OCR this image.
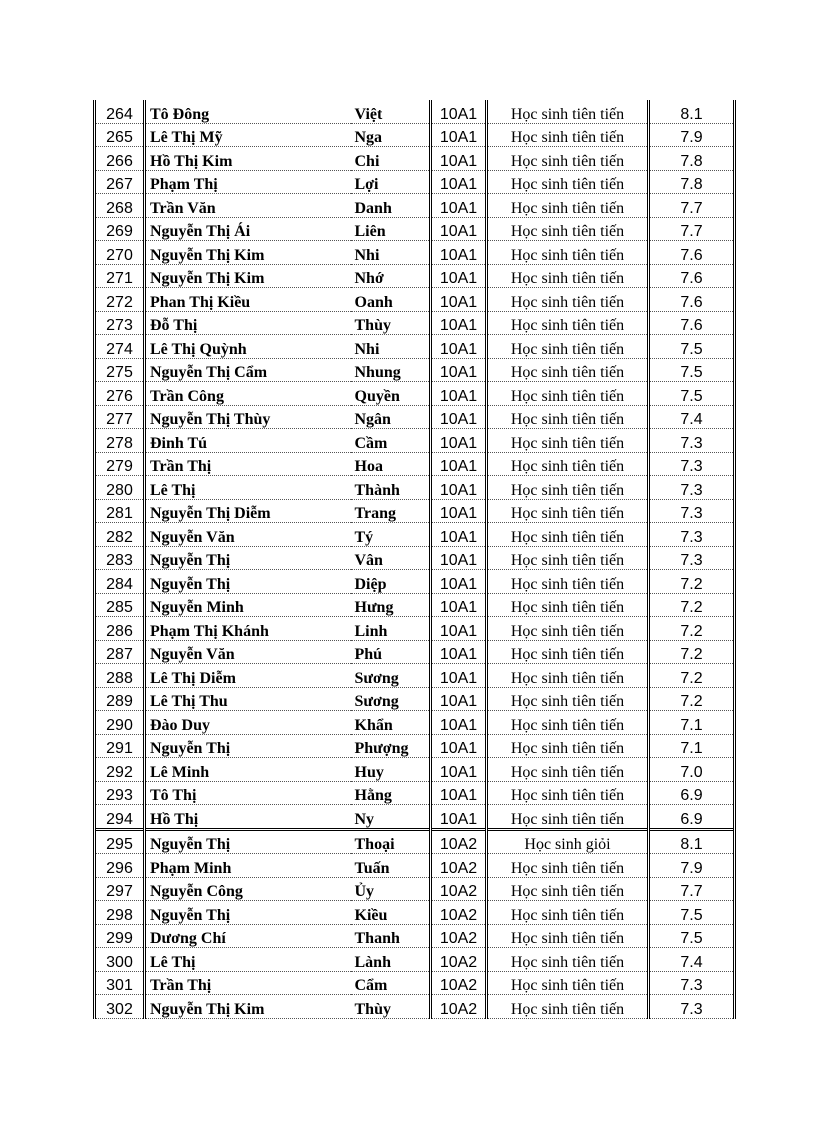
264	Tô Đông	Việt	10A1	Học sinh tiên tiến	8.1
265	Lê Thị Mỹ	Nga	10A1	Học sinh tiên tiến	7.9
266	Hồ Thị Kim	Chi	10A1	Học sinh tiên tiến	7.8
267	Phạm Thị	Lợi	10A1	Học sinh tiên tiến	7.8
268	Trần Văn	Danh	10A1	Học sinh tiên tiến	7.7
269	Nguyễn Thị Ái	Liên	10A1	Học sinh tiên tiến	7.7
270	Nguyễn Thị Kim	Nhi	10A1	Học sinh tiên tiến	7.6
271	Nguyễn Thị Kim	Nhớ	10A1	Học sinh tiên tiến	7.6
272	Phan Thị Kiều	Oanh	10A1	Học sinh tiên tiến	7.6
273	Đỗ Thị	Thùy	10A1	Học sinh tiên tiến	7.6
274	Lê Thị Quỳnh	Nhi	10A1	Học sinh tiên tiến	7.5
275	Nguyễn Thị Cẩm	Nhung	10A1	Học sinh tiên tiến	7.5
276	Trần Công	Quyền	10A1	Học sinh tiên tiến	7.5
277	Nguyễn Thị Thùy	Ngân	10A1	Học sinh tiên tiến	7.4
278	Đinh Tú	Cầm	10A1	Học sinh tiên tiến	7.3
279	Trần Thị	Hoa	10A1	Học sinh tiên tiến	7.3
280	Lê Thị	Thành	10A1	Học sinh tiên tiến	7.3
281	Nguyễn Thị Diễm	Trang	10A1	Học sinh tiên tiến	7.3
282	Nguyễn Văn	Tý	10A1	Học sinh tiên tiến	7.3
283	Nguyễn Thị	Vân	10A1	Học sinh tiên tiến	7.3
284	Nguyễn Thị	Diệp	10A1	Học sinh tiên tiến	7.2
285	Nguyễn Minh	Hưng	10A1	Học sinh tiên tiến	7.2
286	Phạm Thị Khánh	Linh	10A1	Học sinh tiên tiến	7.2
287	Nguyễn Văn	Phú	10A1	Học sinh tiên tiến	7.2
288	Lê Thị Diễm	Sương	10A1	Học sinh tiên tiến	7.2
289	Lê Thị Thu	Sương	10A1	Học sinh tiên tiến	7.2
290	Đào Duy	Khẩn	10A1	Học sinh tiên tiến	7.1
291	Nguyễn Thị	Phượng	10A1	Học sinh tiên tiến	7.1
292	Lê Minh	Huy	10A1	Học sinh tiên tiến	7.0
293	Tô Thị	Hằng	10A1	Học sinh tiên tiến	6.9
294	Hồ Thị	Ny	10A1	Học sinh tiên tiến	6.9
295	Nguyễn Thị	Thoại	10A2	Học sinh giỏi	8.1
296	Phạm Minh	Tuấn	10A2	Học sinh tiên tiến	7.9
297	Nguyễn Công	Ủy	10A2	Học sinh tiên tiến	7.7
298	Nguyễn Thị	Kiều	10A2	Học sinh tiên tiến	7.5
299	Dương Chí	Thanh	10A2	Học sinh tiên tiến	7.5
300	Lê Thị	Lành	10A2	Học sinh tiên tiến	7.4
301	Trần Thị	Cẩm	10A2	Học sinh tiên tiến	7.3
302	Nguyễn Thị Kim	Thùy	10A2	Học sinh tiên tiến	7.3
